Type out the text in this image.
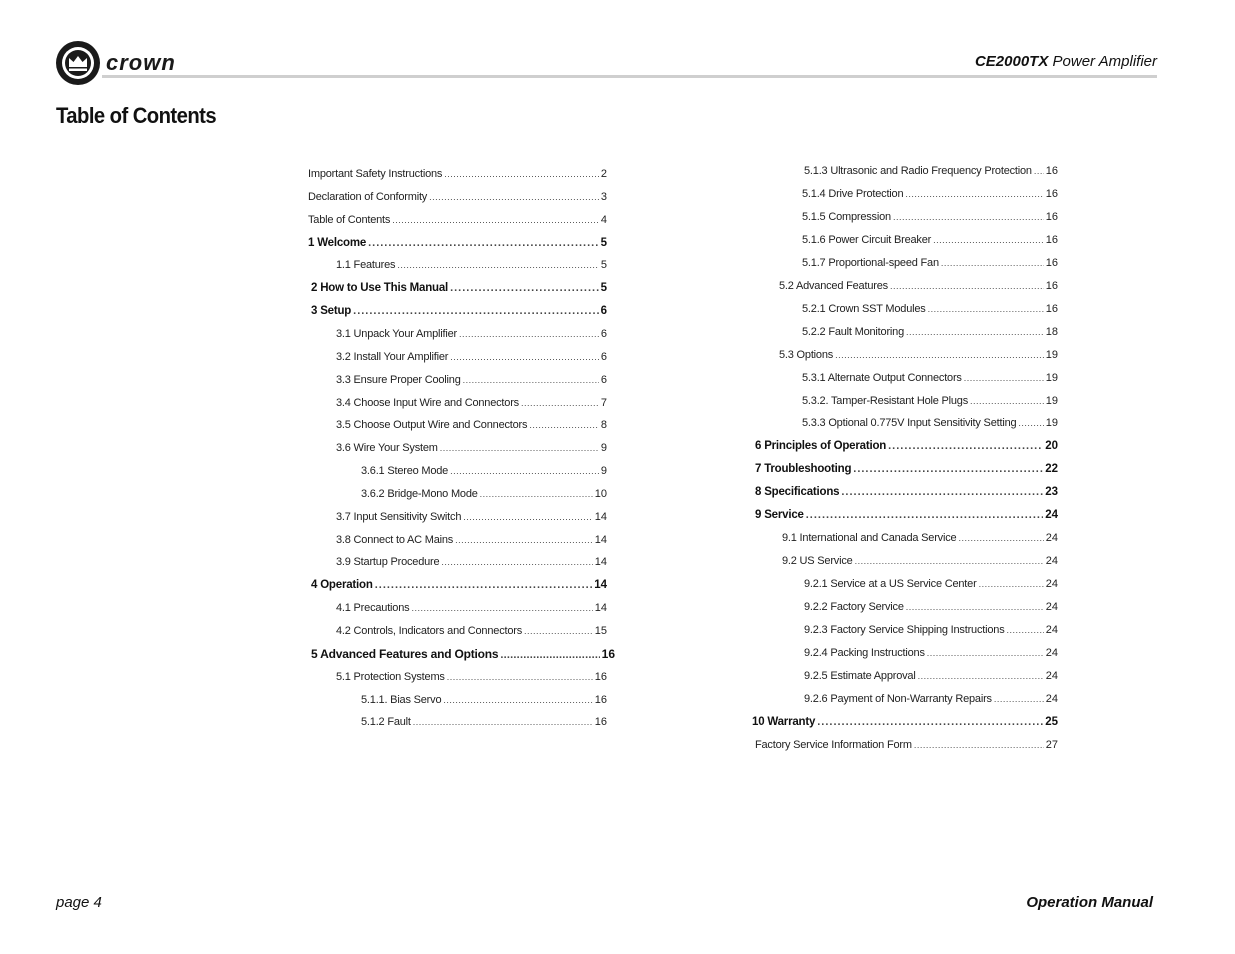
crown	CE2000TX Power Amplifier
Table of Contents
Important Safety Instructions .....	2
Declaration of Conformity .....	3
Table of Contents .....	4
1 Welcome .....	5
1.1 Features .....	5
2 How to Use This Manual .....	5
3 Setup .....	6
3.1 Unpack Your Amplifier .....	6
3.2 Install Your Amplifier .....	6
3.3 Ensure Proper Cooling .....	6
3.4 Choose Input Wire and Connectors .....	7
3.5 Choose Output Wire and Connectors .....	8
3.6 Wire Your System .....	9
3.6.1 Stereo Mode .....	9
3.6.2 Bridge-Mono Mode .....	10
3.7 Input Sensitivity Switch .....	14
3.8 Connect to AC Mains .....	14
3.9 Startup Procedure .....	14
4 Operation .....	14
4.1 Precautions .....	14
4.2 Controls, Indicators and Connectors .....	15
5 Advanced Features and Options .....	16
5.1 Protection Systems .....	16
5.1.1. Bias Servo .....	16
5.1.2 Fault .....	16
5.1.3 Ultrasonic and Radio Frequency Protection ..... 16
5.1.4 Drive Protection .....	16
5.1.5 Compression .....	16
5.1.6 Power Circuit Breaker .....	16
5.1.7 Proportional-speed Fan .....	16
5.2 Advanced Features .....	16
5.2.1 Crown SST Modules .....	16
5.2.2 Fault Monitoring .....	18
5.3 Options .....	19
5.3.1 Alternate Output Connectors .....	19
5.3.2. Tamper-Resistant Hole Plugs .....	19
5.3.3 Optional 0.775V Input Sensitivity Setting .....	19
6 Principles of Operation .....	20
7 Troubleshooting .....	22
8 Specifications .....	23
9 Service .....	24
9.1 International and Canada Service .....	24
9.2 US Service .....	24
9.2.1 Service at a US Service Center .....	24
9.2.2 Factory Service .....	24
9.2.3 Factory Service Shipping Instructions .....	24
9.2.4 Packing Instructions .....	24
9.2.5 Estimate Approval .....	24
9.2.6 Payment of Non-Warranty Repairs .....	24
10 Warranty .....	25
Factory Service Information Form .....	27
page 4	Operation Manual
